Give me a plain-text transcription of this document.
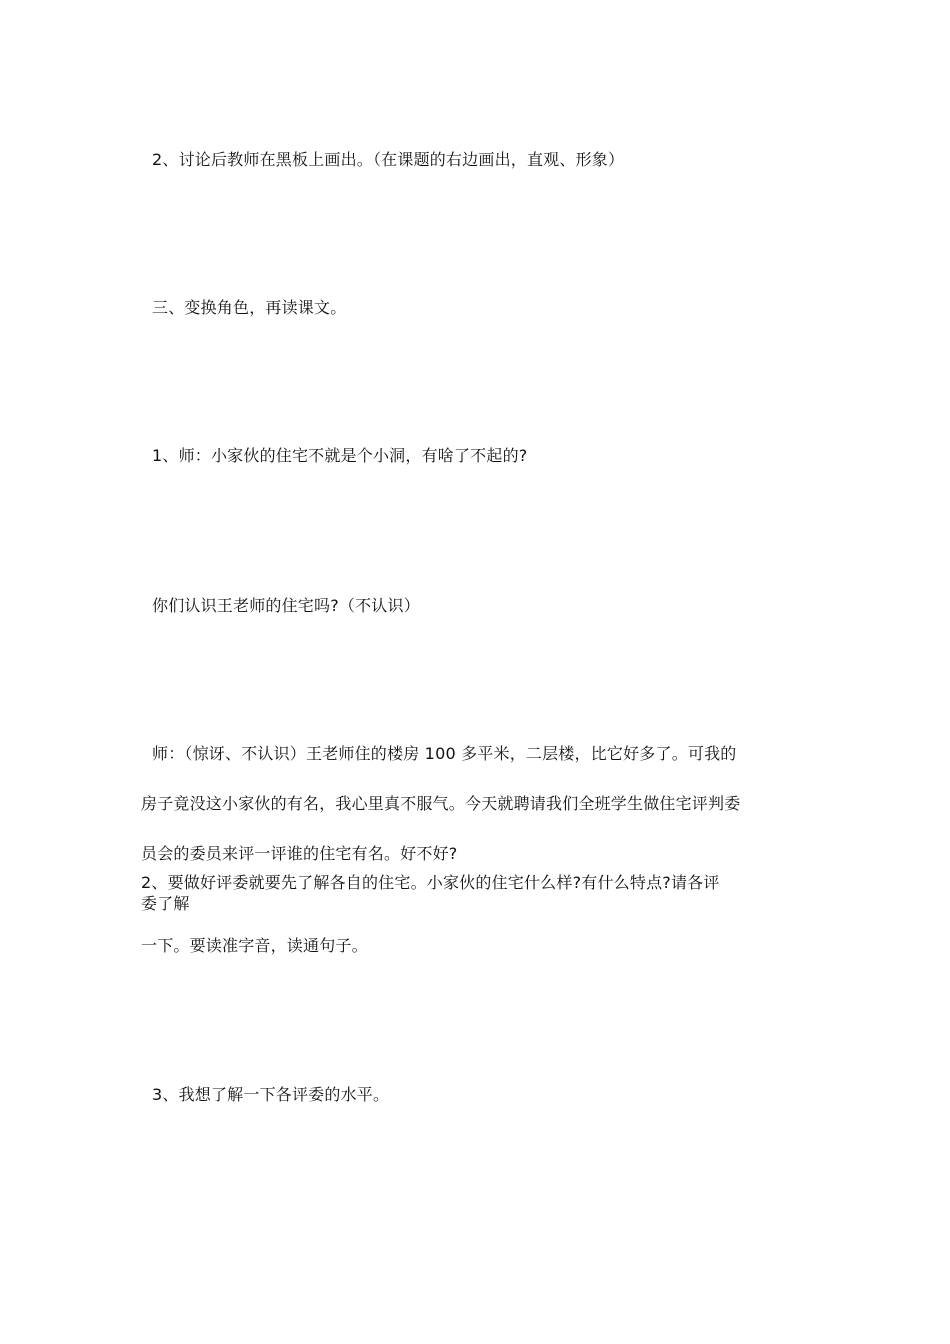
2、讨论后教师在黑板上画出。（在课题的右边画出，直观、形象）
三、变换角色，再读课文。
1、师：小家伙的住宅不就是个小洞，有啥了不起的?
你们认识王老师的住宅吗?（不认识）
师：（惊讶、不认识）王老师住的楼房 100 多平米，二层楼，比它好多了。可我的
房子竟没这小家伙的有名，我心里真不服气。今天就聘请我们全班学生做住宅评判委
员会的委员来评一评谁的住宅有名。好不好?
2、要做好评委就要先了解各自的住宅。小家伙的住宅什么样?有什么特点?请各评
委了解
一下。要读准字音，读通句子。
3、我想了解一下各评委的水平。
